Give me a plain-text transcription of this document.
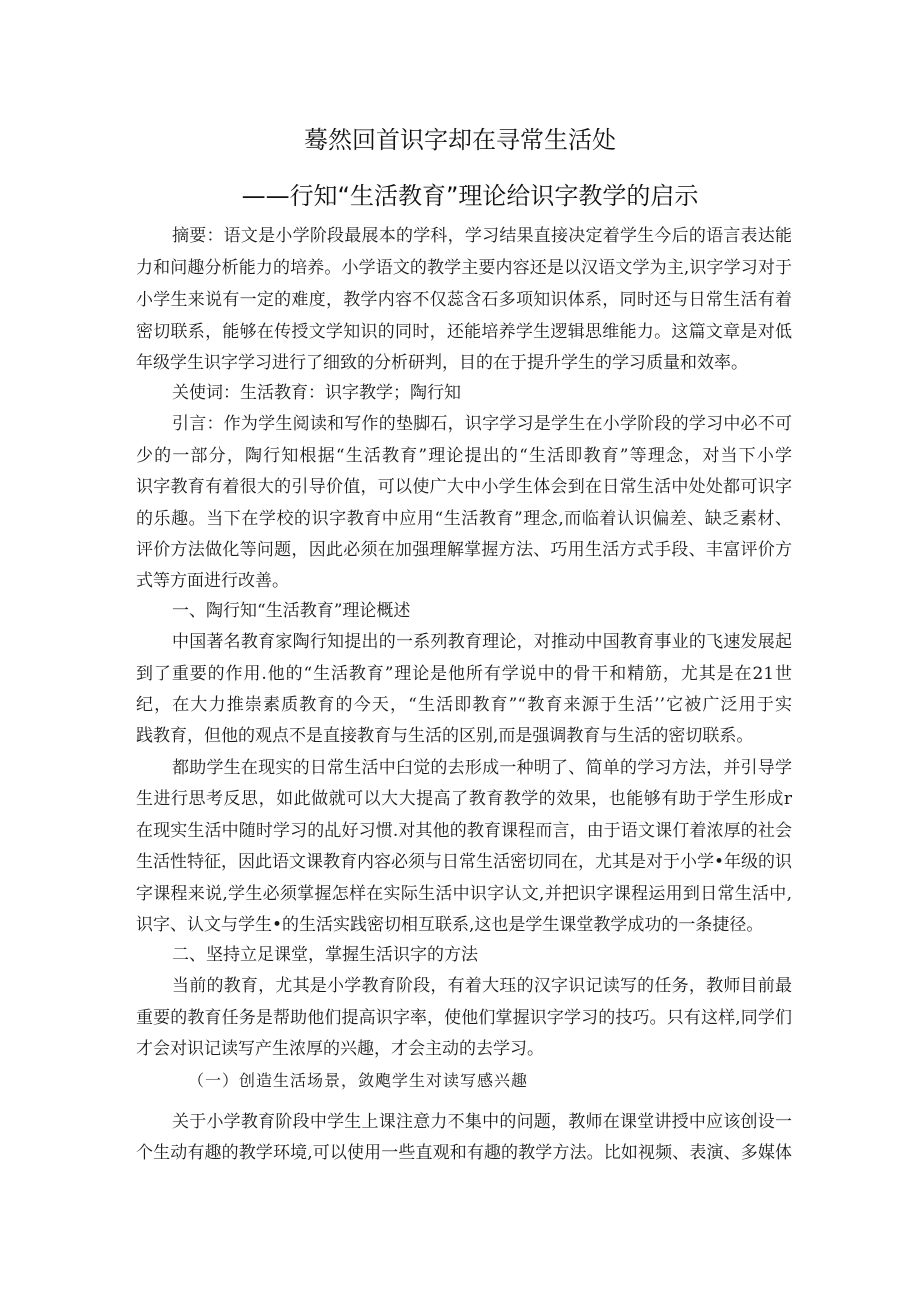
蓦然回首识字却在寻常生活处
——行知“生活教育”理论给识字教学的启示

摘要：语文是小学阶段最展本的学科，学习结果直接决定着学生今后的语言表达能

力和问趣分析能力的培养。小学语文的教学主要内容还是以汉语文学为主,识字学习对于

小学生来说有一定的难度，教学内容不仅蕊含石多项知识体系，同时还与日常生活有着

密切联系，能够在传授文学知识的同时，还能培养学生逻辑思维能力。这篇文章是对低

年级学生识字学习进行了细致的分析研判，目的在于提升学生的学习质量和效率。

关使词：生活教育：识字教学；陶行知

引言：作为学生阅读和写作的垫脚石，识字学习是学生在小学阶段的学习中必不可

少的一部分，陶行知根据“生活教育”理论提出的“生活即教育”等理念，对当下小学

识字教育有着很大的引导价值，可以使广大中小学生体会到在日常生活中处处都可识字

的乐趣。当下在学校的识字教育中应用“生活教育”理念,而临着认识偏差、缺乏素材、

评价方法做化等问题，因此必须在加强理解掌握方法、巧用生活方式手段、丰富评价方

式等方面进行改善。

一、陶行知“生活教育”理论概述

中国著名教育家陶行知提出的一系列教育理论，对推动中国教育事业的飞速发展起

到了重要的作用.他的“生活教育”理论是他所有学说中的骨干和精筋，尤其是在21世

纪，在大力推崇素质教育的今天，“生活即教育”“教育来源于生活’’它被广泛用于实

践教育，但他的观点不是直接教育与生活的区别,而是强调教育与生活的密切联系。

都助学生在现实的日常生活中臼觉的去形成一种明了、简单的学习方法，并引导学

生进行思考反思，如此做就可以大大提高了教育教学的效果，也能够有助于学生形成r

在现实生活中随时学习的乩好习惯.对其他的教育课程而言，由于语文课仃着浓厚的社会

生活性特征，因此语文课教育内容必须与日常生活密切同在，尤其是对于小学•年级的识

字课程来说,学生必须掌握怎样在实际生活中识字认文,并把识字课程运用到日常生活中,

识字、认文与学生•的生活实践密切相互联系,这也是学生课堂教学成功的一条捷径。

二、坚持立足课堂，掌握生活识字的方法

当前的教育，尤其是小学教育阶段，有着大珏的汉字识记读写的任务，教师目前最

重要的教育任务是帮助他们提高识字率，使他们掌握识字学习的技巧。只有这样,同学们

才会对识记读写产生浓厚的兴趣，才会主动的去学习。

（一）创造生活场景，敛飑学生对读写感兴趣

关于小学教育阶段中学生上课注意力不集中的问题，教师在课堂讲授中应该创设一

个生动有趣的教学环境,可以使用一些直观和有趣的教学方法。比如视频、表演、多媒体
